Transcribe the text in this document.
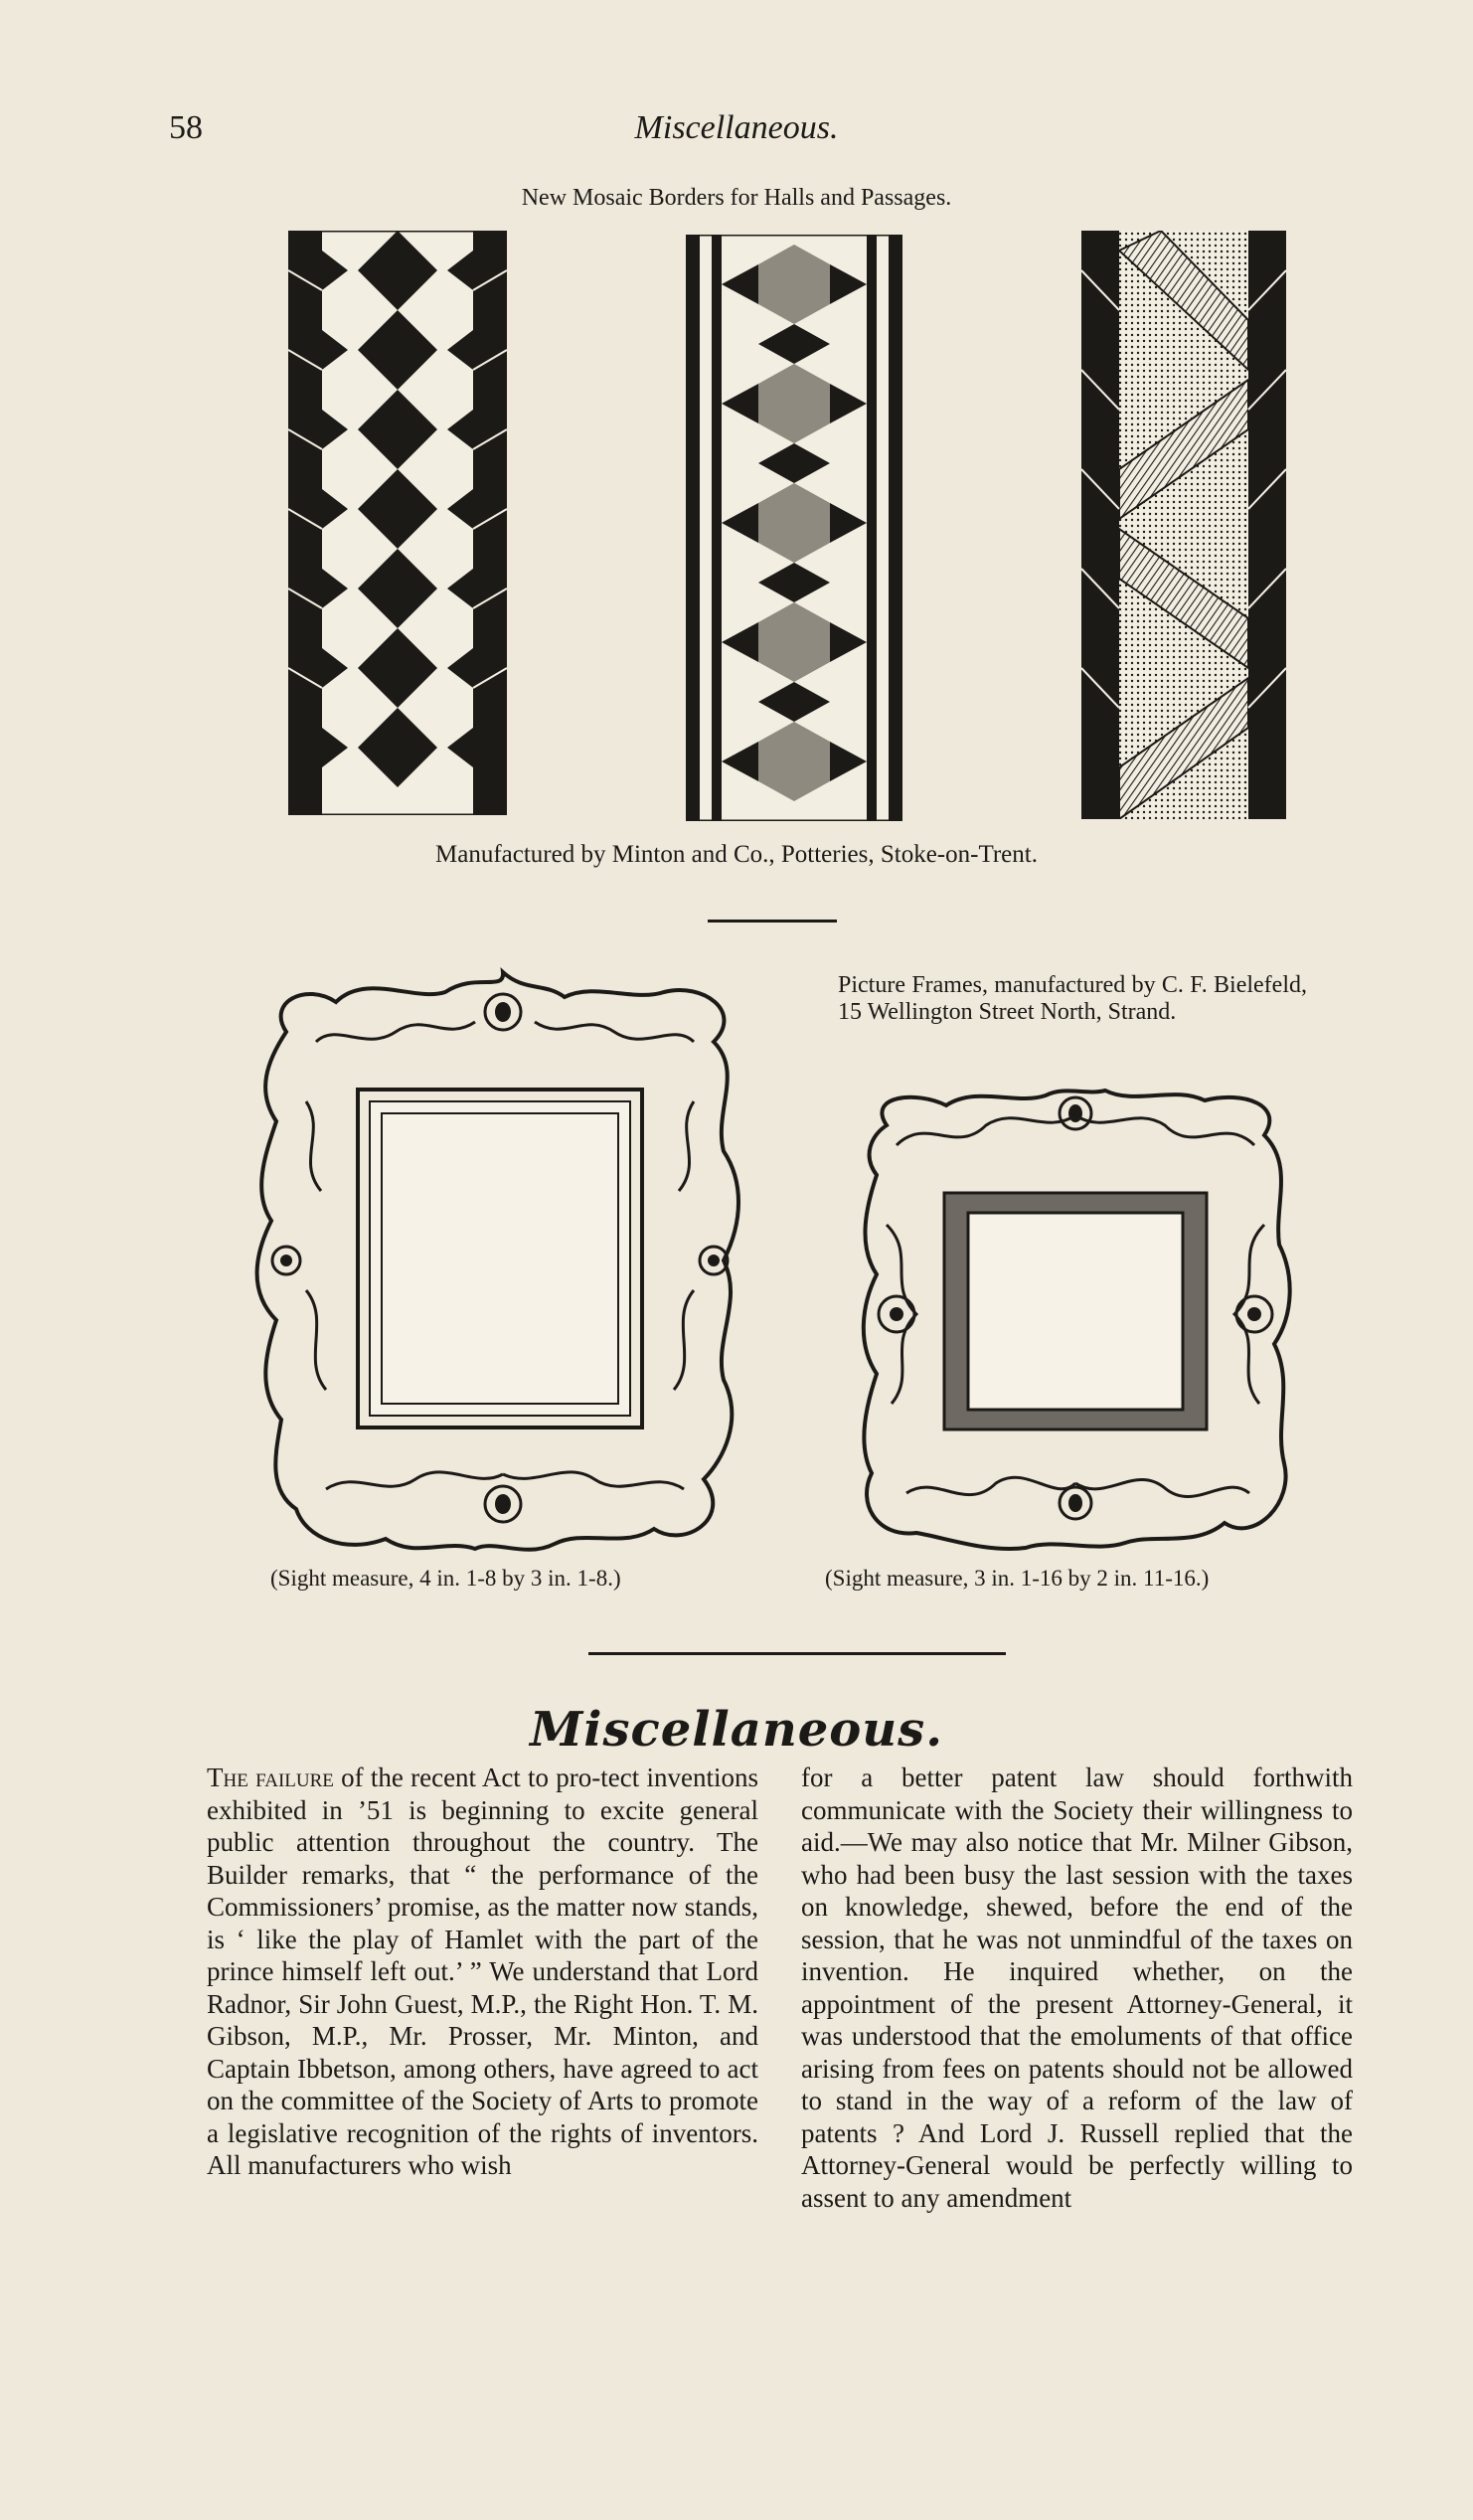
58	Miscellaneous.
New Mosaic Borders for Halls and Passages.
Manufactured by Minton and Co., Potteries, Stoke-on-Trent.
Picture Frames, manufactured by C. F. Bielefeld, 15 Wellington Street North, Strand.
(Sight measure, 4 in. 1-8 by 3 in. 1-8.)	(Sight measure, 3 in. 1-16 by 2 in. 11-16.)
Miscellaneous.

The failure of the recent Act to pro-tect inventions exhibited in ’51 is beginning to excite general public attention throughout the country. The Builder remarks, that “ the performance of the Commissioners’ promise, as the matter now stands, is ‘ like the play of Hamlet with the part of the prince himself left out.’ ” We understand that Lord Radnor, Sir John Guest, M.P., the Right Hon. T. M. Gibson, M.P., Mr. Prosser, Mr. Minton, and Captain Ibbetson, among others, have agreed to act on the committee of the Society of Arts to promote a legislative recognition of the rights of inventors. All manufacturers who wish

for a better patent law should forthwith communicate with the Society their willingness to aid.—We may also notice that Mr. Milner Gibson, who had been busy the last session with the taxes on knowledge, shewed, before the end of the session, that he was not unmindful of the taxes on invention. He inquired whether, on the appointment of the present Attorney-General, it was understood that the emoluments of that office arising from fees on patents should not be allowed to stand in the way of a reform of the law of patents ? And Lord J. Russell replied that the Attorney-General would be perfectly willing to assent to any amendment
